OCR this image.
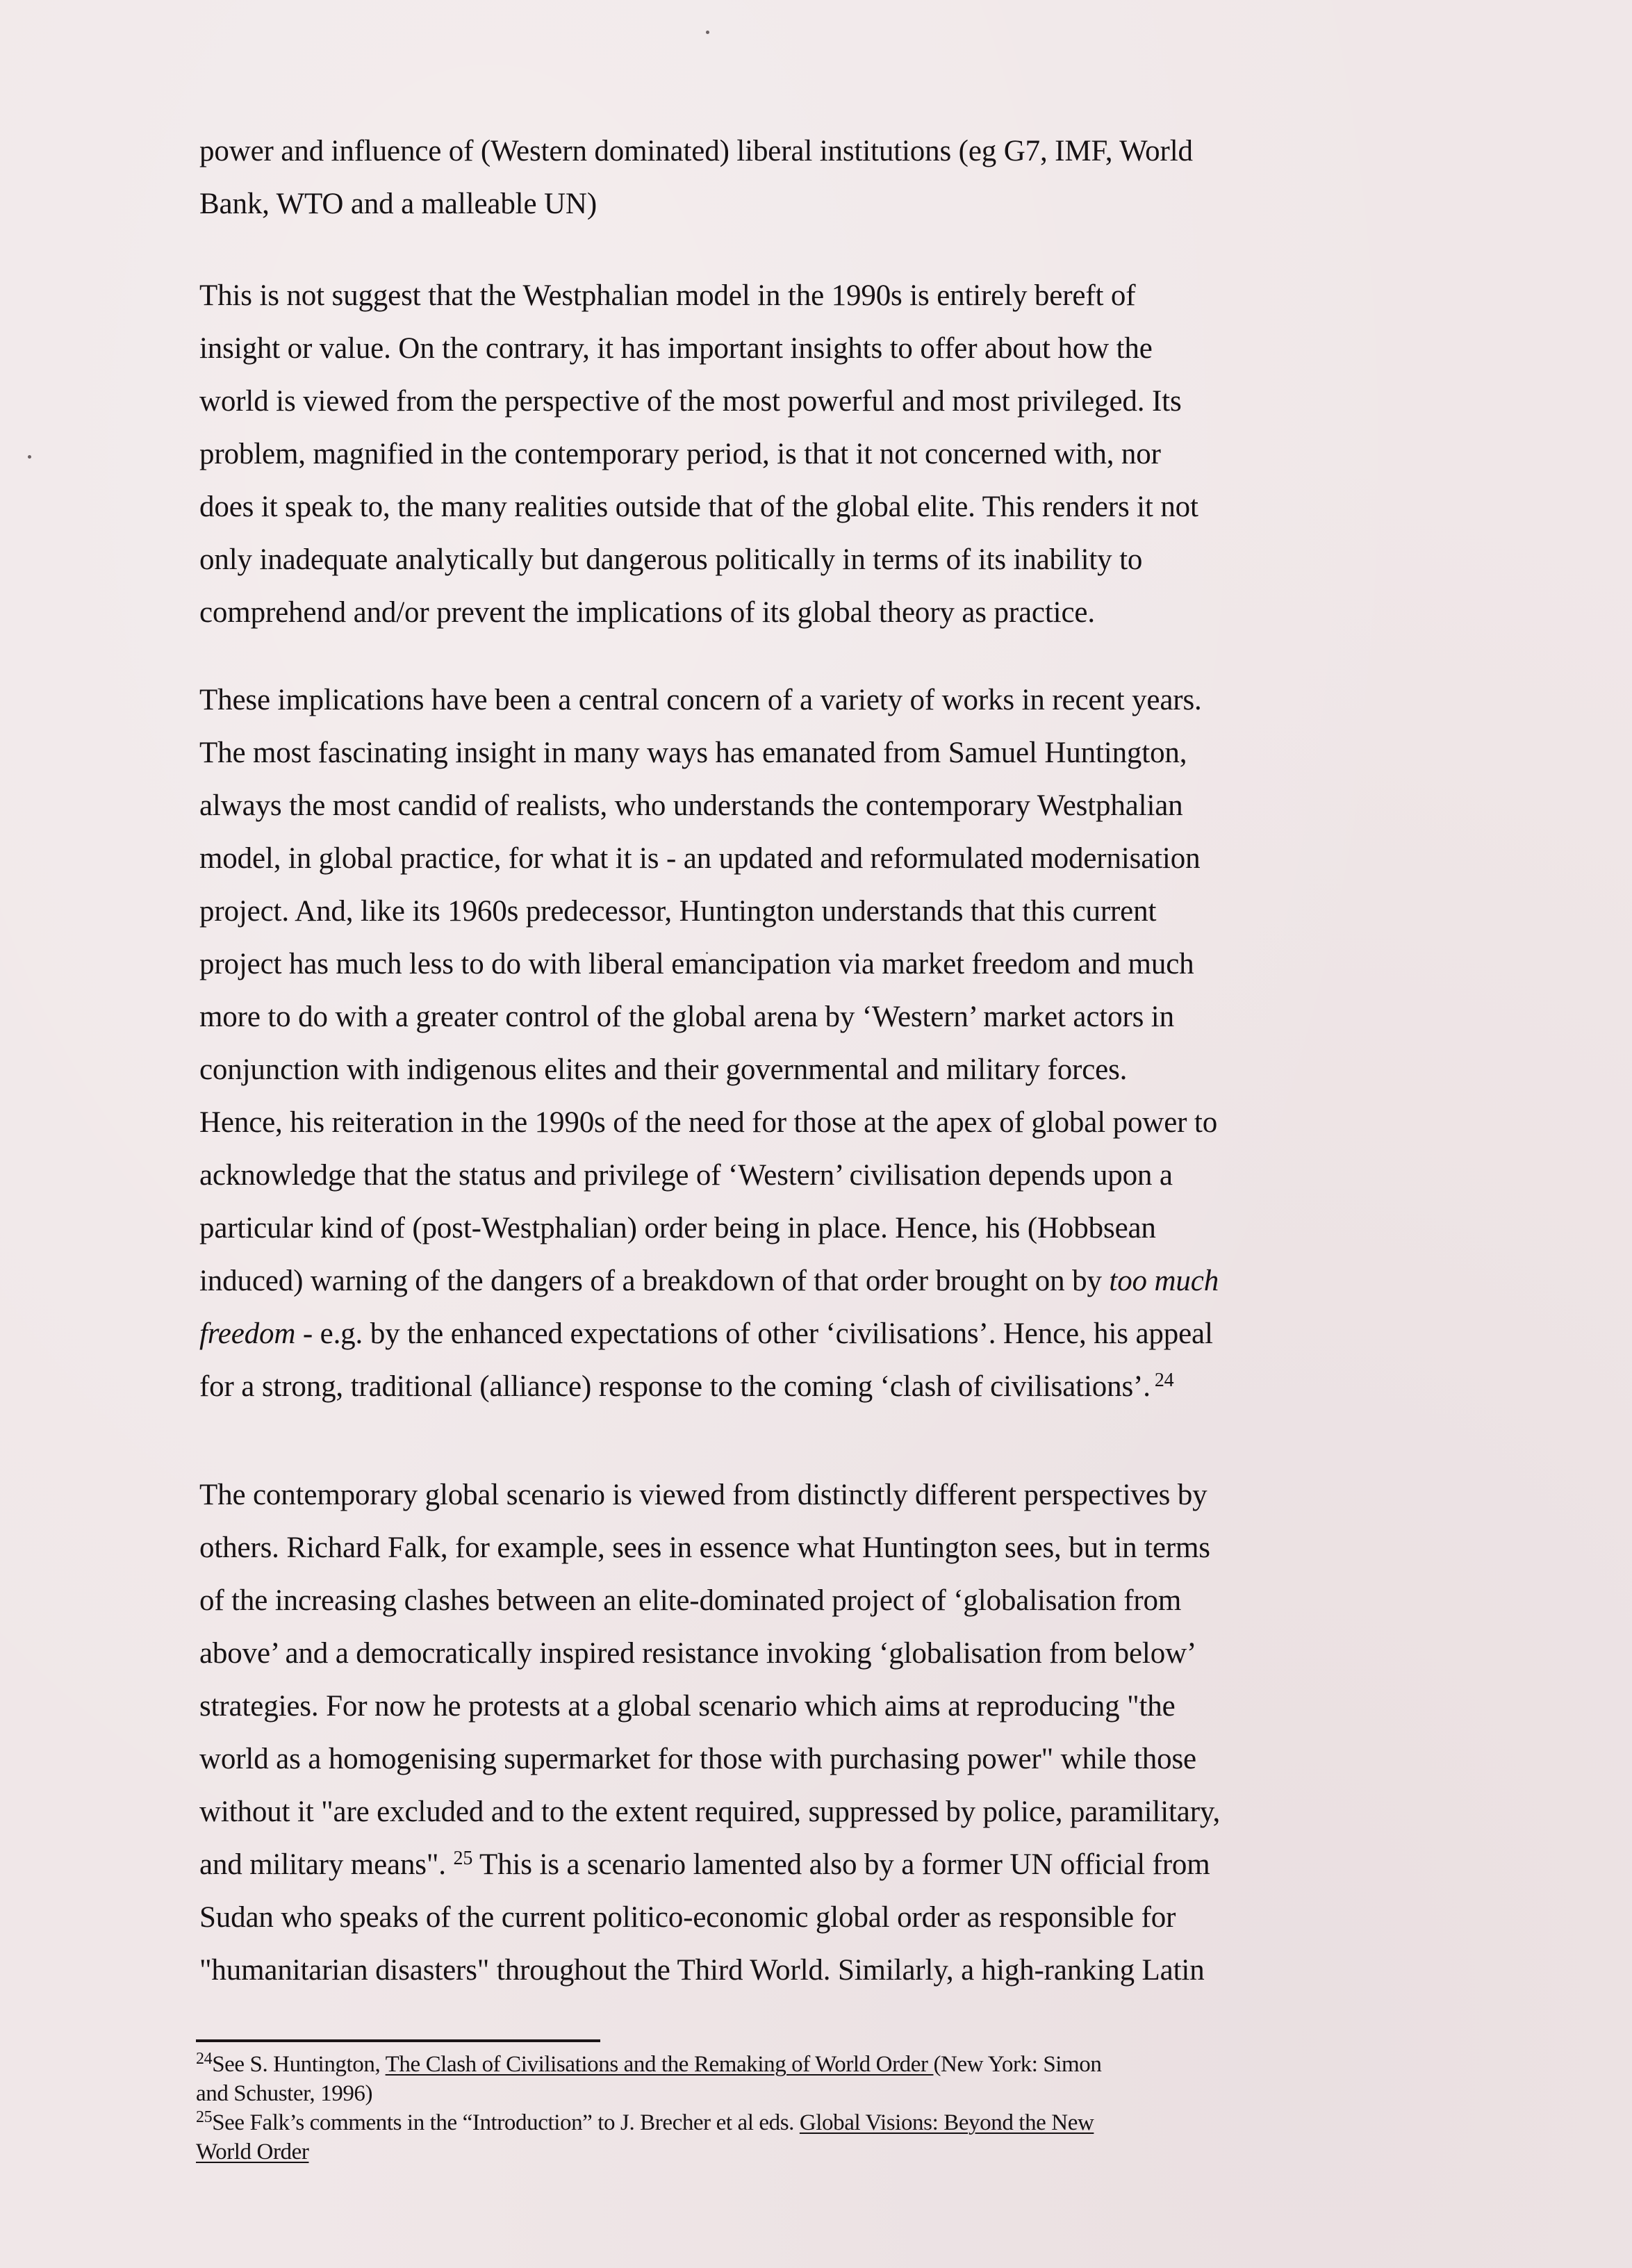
power and influence of (Western dominated) liberal institutions (eg G7, IMF, World
Bank, WTO and a malleable UN)
This is not suggest that the Westphalian model in the 1990s is entirely bereft of
insight or value. On the contrary, it has important insights to offer about how the
world is viewed from the perspective of the most powerful and most privileged. Its
problem, magnified in the contemporary period, is that it not concerned with, nor
does it speak to, the many realities outside that of the global elite. This renders it not
only inadequate analytically but dangerous politically in terms of its inability to
comprehend and/or prevent the implications of its global theory as practice.
These implications have been a central concern of a variety of works in recent years.
The most fascinating insight in many ways has emanated from Samuel Huntington,
always the most candid of realists, who understands the contemporary Westphalian
model, in global practice, for what it is - an updated and reformulated modernisation
project. And, like its 1960s predecessor, Huntington understands that this current
project has much less to do with liberal emancipation via market freedom and much
more to do with a greater control of the global arena by ‘Western’ market actors in
conjunction with indigenous elites and their governmental and military forces.
Hence, his reiteration in the 1990s of the need for those at the apex of global power to
acknowledge that the status and privilege of ‘Western’ civilisation depends upon a
particular kind of (post-Westphalian) order being in place. Hence, his (Hobbsean
induced) warning of the dangers of a breakdown of that order brought on by too much
freedom - e.g. by the enhanced expectations of other ‘civilisations’. Hence, his appeal
for a strong, traditional (alliance) response to the coming ‘clash of civilisations’. $^{24}$
The contemporary global scenario is viewed from distinctly different perspectives by
others. Richard Falk, for example, sees in essence what Huntington sees, but in terms
of the increasing clashes between an elite-dominated project of ‘globalisation from
above’ and a democratically inspired resistance invoking ‘globalisation from below’
strategies. For now he protests at a global scenario which aims at reproducing "the
world as a homogenising supermarket for those with purchasing power" while those
without it "are excluded and to the extent required, suppressed by police, paramilitary,
and military means". $^{25}$ This is a scenario lamented also by a former UN official from
Sudan who speaks of the current politico-economic global order as responsible for
"humanitarian disasters" throughout the Third World. Similarly, a high-ranking Latin

$^{24}$See S. Huntington, The Clash of Civilisations and the Remaking of World Order (New York: Simon
and Schuster, 1996)

$^{25}$See Falk’s comments in the “Introduction” to J. Brecher et al eds. Global Visions: Beyond the New
World Order
